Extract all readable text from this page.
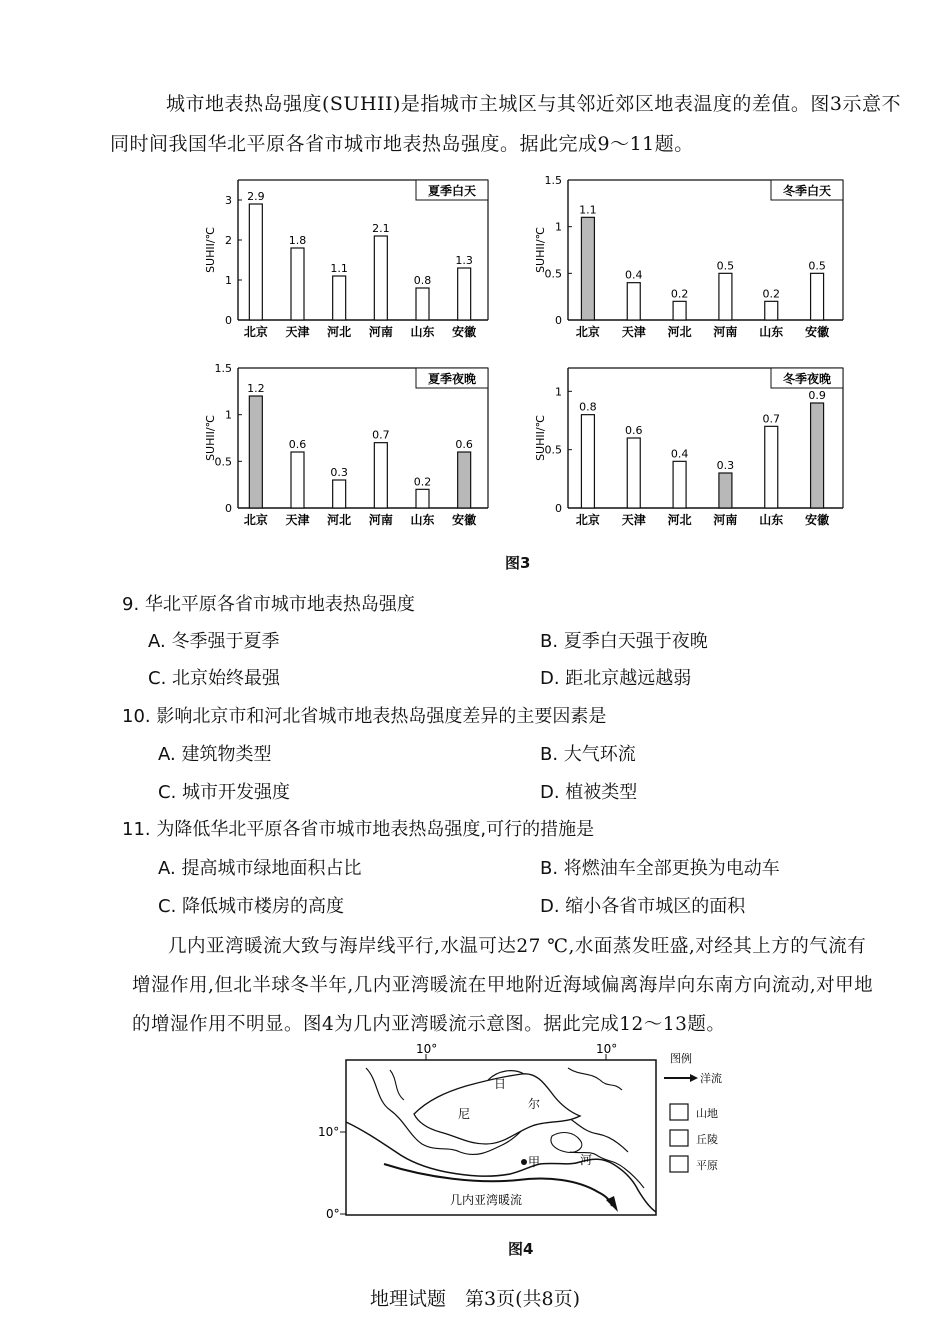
城市地表热岛强度(SUHII)是指城市主城区与其邻近郊区地表温度的差值。图3示意不
同时间我国华北平原各省市城市地表热岛强度。据此完成9～11题。
0
1
2
3
SUHII/℃
夏季白天
2.9
北京
1.8
天津
1.1
河北
2.1
河南
0.8
山东
1.3
安徽
0
0.5
1
1.5
SUHII/℃
冬季白天
1.1
北京
0.4
天津
0.2
河北
0.5
河南
0.2
山东
0.5
安徽
0
0.5
1
1.5
SUHII/℃
夏季夜晚
1.2
北京
0.6
天津
0.3
河北
0.7
河南
0.2
山东
0.6
安徽
0
0.5
1
SUHII/℃
冬季夜晚
0.8
北京
0.6
天津
0.4
河北
0.3
河南
0.7
山东
0.9
安徽
图3
9. 华北平原各省市城市地表热岛强度
A. 冬季强于夏季	B. 夏季白天强于夜晚
C. 北京始终最强	D. 距北京越远越弱
10. 影响北京市和河北省城市地表热岛强度差异的主要因素是
A. 建筑物类型	B. 大气环流
C. 城市开发强度	D. 植被类型
11. 为降低华北平原各省市城市地表热岛强度,可行的措施是
A. 提高城市绿地面积占比	B. 将燃油车全部更换为电动车
C. 降低城市楼房的高度	D. 缩小各省市城区的面积
几内亚湾暖流大致与海岸线平行,水温可达27 ℃,水面蒸发旺盛,对经其上方的气流有
增湿作用,但北半球冬半年,几内亚湾暖流在甲地附近海域偏离海岸向东南方向流动,对甲地
的增湿作用不明显。图4为几内亚湾暖流示意图。据此完成12～13题。
10°	10°
10°
0°
日
尼
尔
河
甲
几内亚湾暖流
图例
洋流
山地
丘陵
平原
图4
地理试题　第3页(共8页)
